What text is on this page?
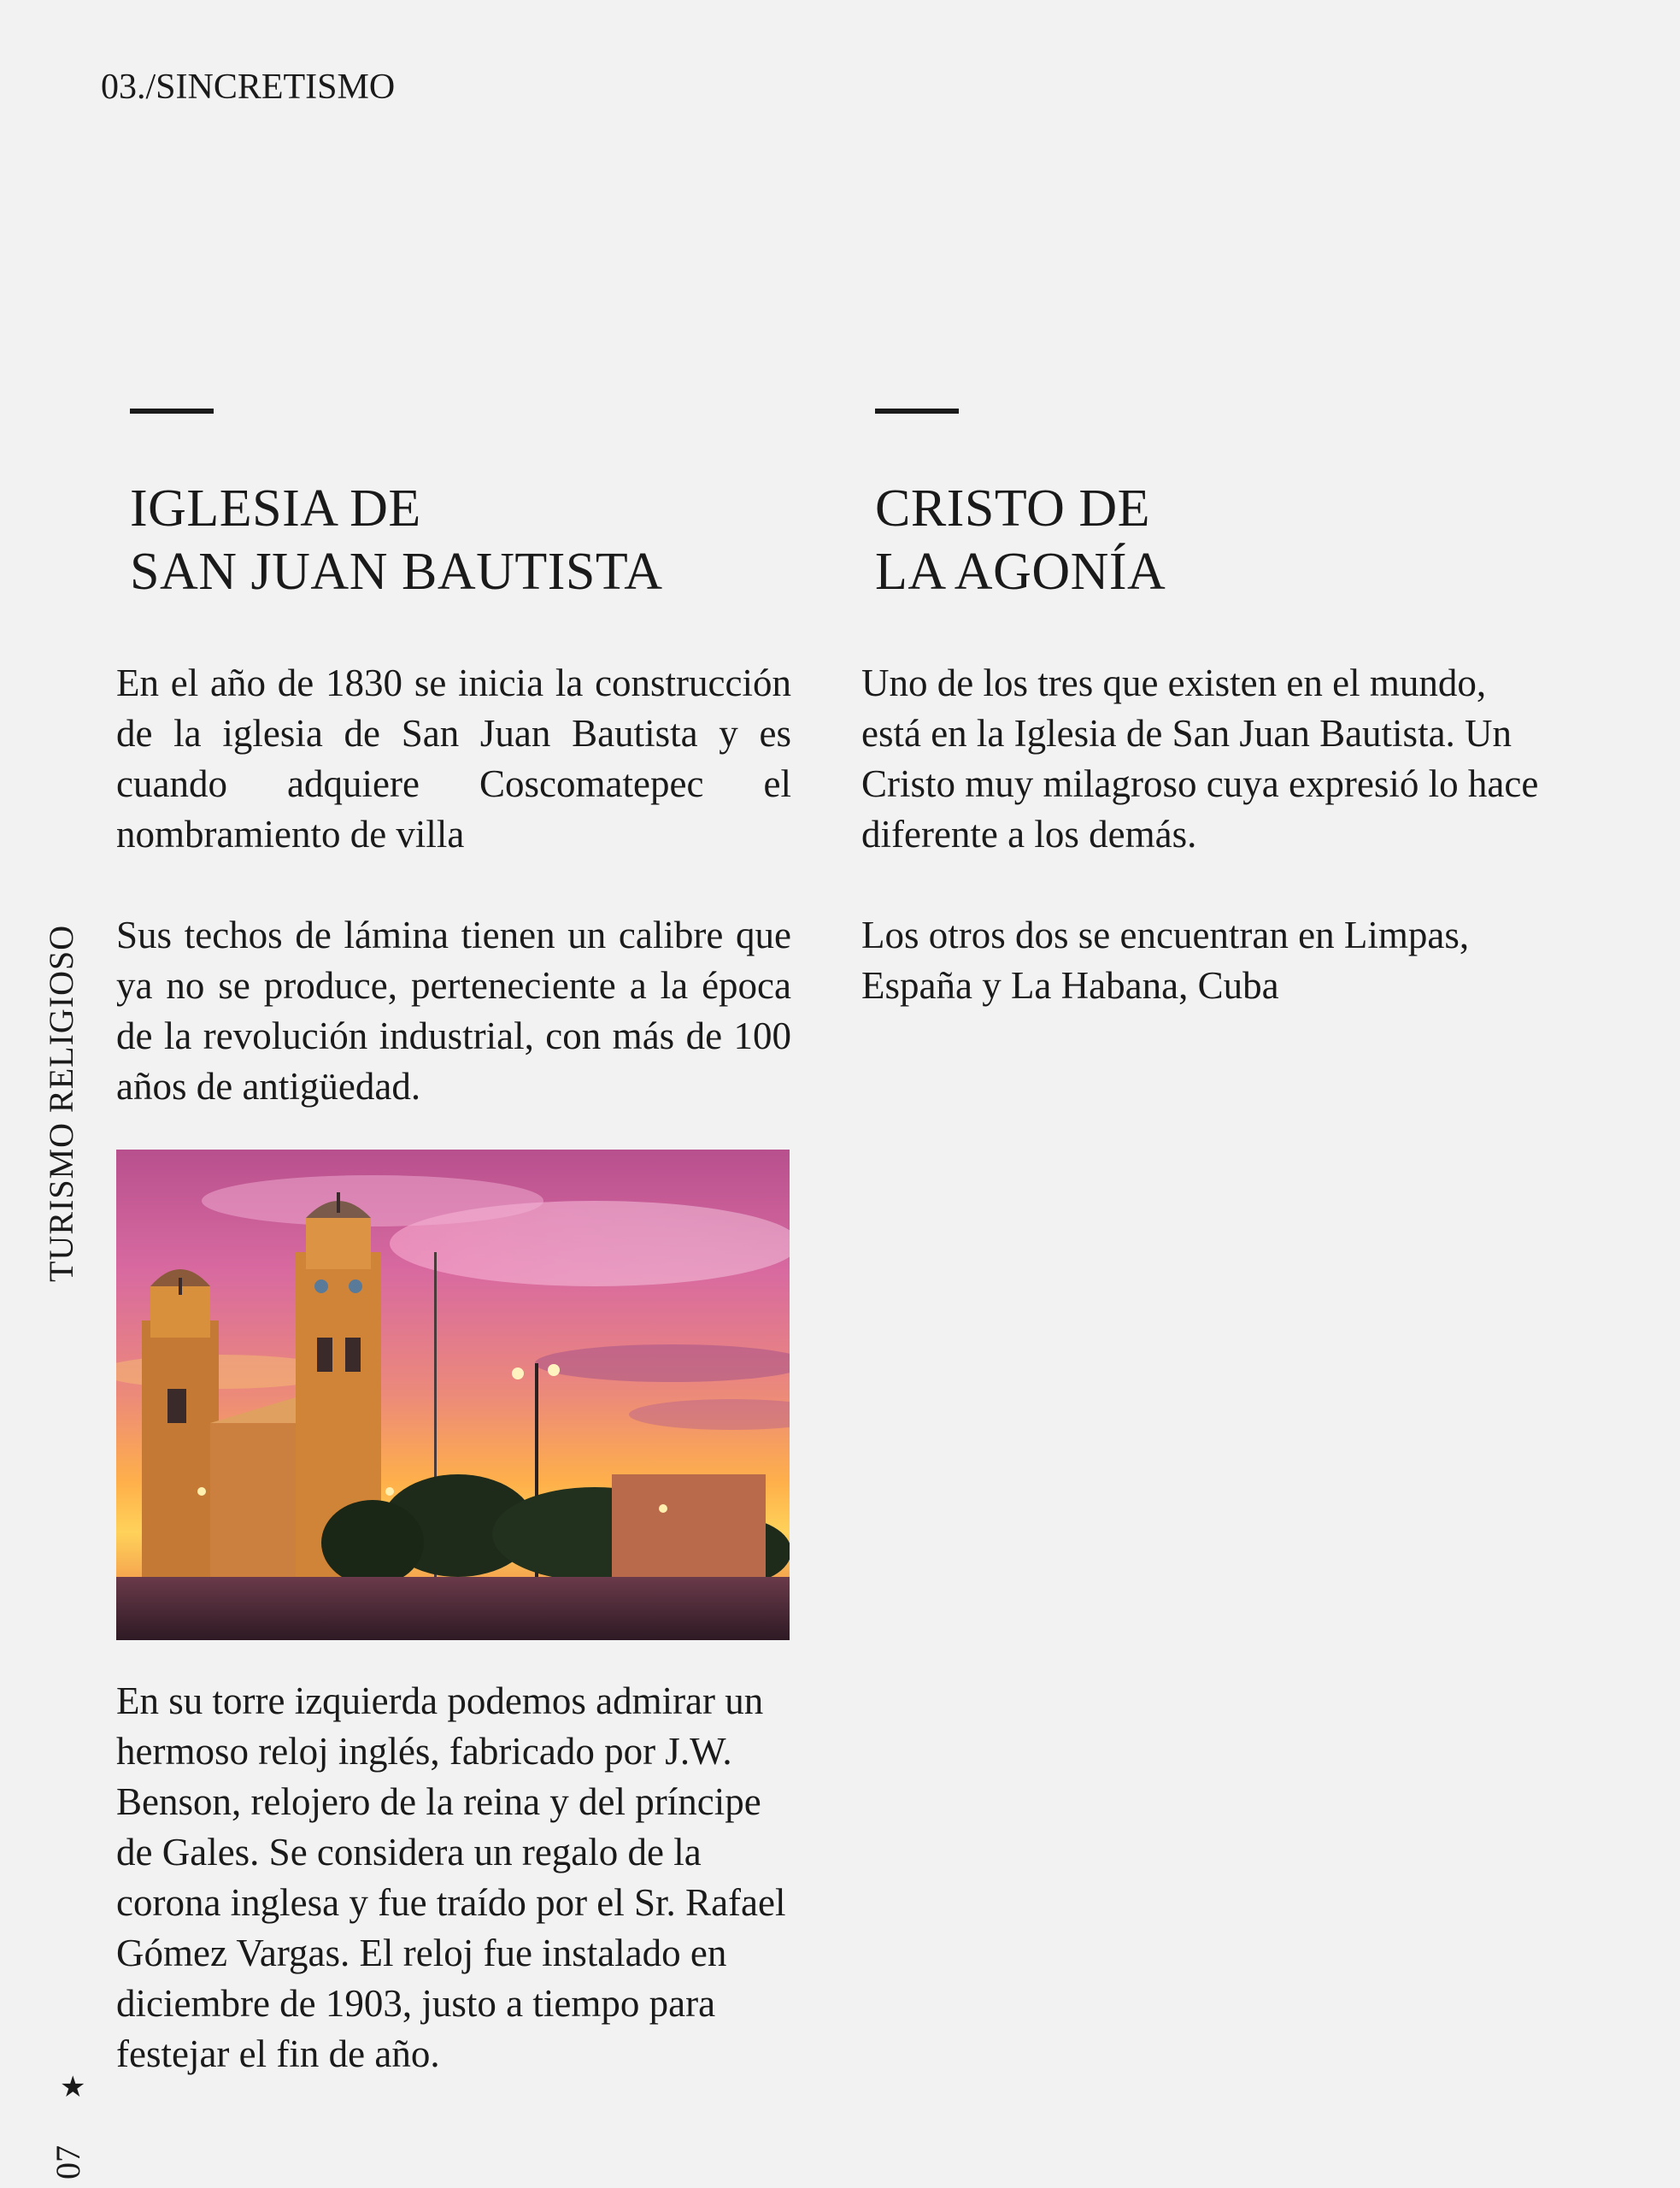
03./SINCRETISMO
TURISMO RELIGIOSO
★
07
IGLESIA DE
SAN JUAN BAUTISTA

En el año de 1830 se inicia la construcción de la iglesia de San Juan Bautista y es cuando adquiere Coscomatepec el nombramiento de villa

Sus techos de lámina tienen un calibre que ya no se produce, perteneciente a la época de la revolución industrial, con más de 100 años de antigüedad.

En su torre izquierda podemos admirar un hermoso reloj inglés, fabricado por J.W. Benson, relojero de la reina y del príncipe de Gales. Se considera un regalo de la corona inglesa y fue traído por el Sr. Rafael Gómez Vargas. El reloj fue instalado en diciembre de 1903, justo a tiempo para festejar el fin de año.

CRISTO DE
LA AGONÍA

Uno de los tres que existen en el mundo, está en la Iglesia de San Juan Bautista. Un Cristo muy milagroso cuya expresió lo hace diferente a los demás.

Los otros dos se encuentran en Limpas, España y La Habana, Cuba
